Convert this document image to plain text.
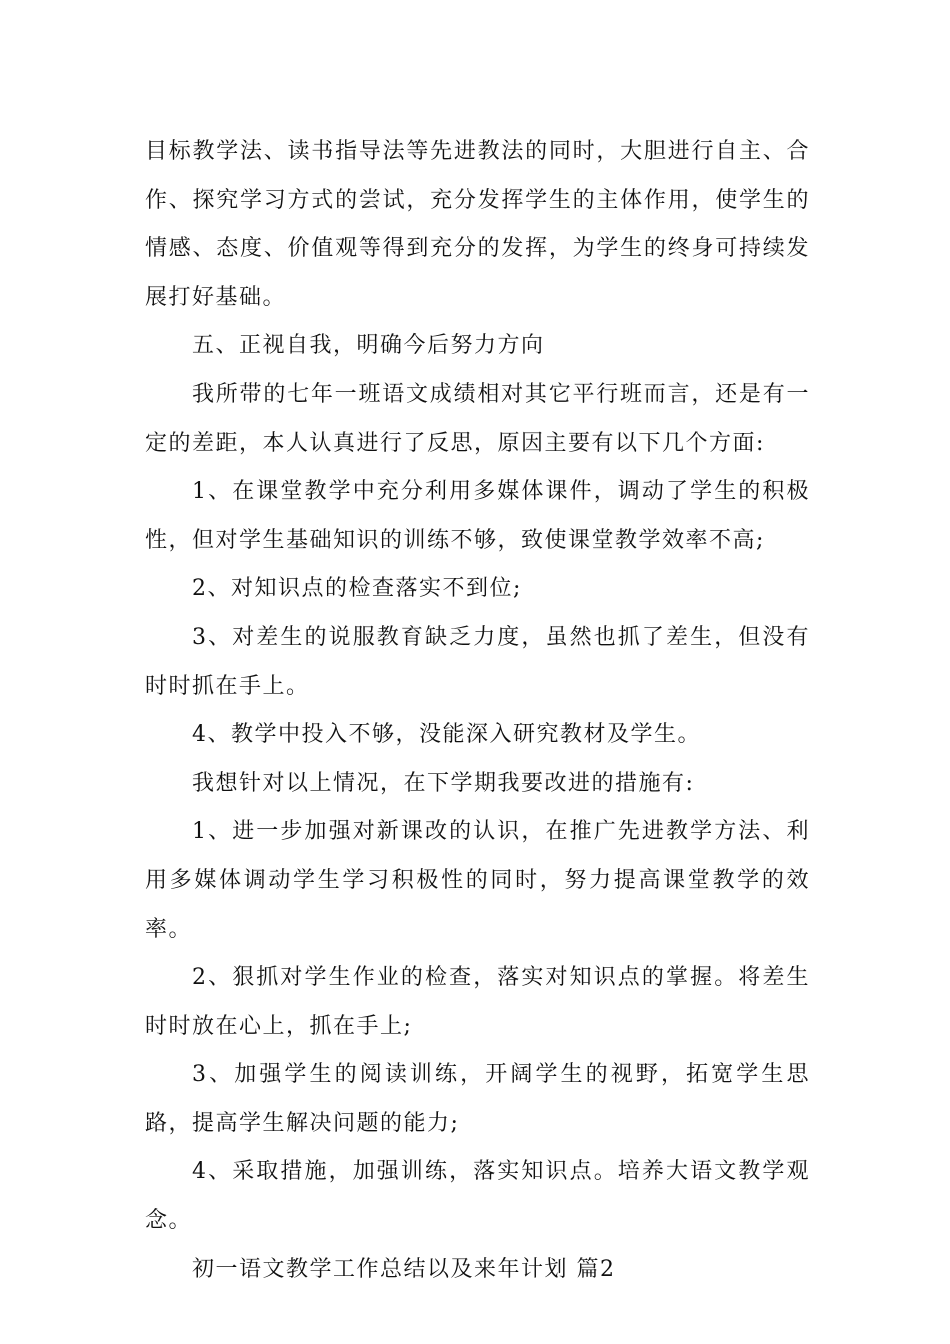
目标教学法、读书指导法等先进教法的同时，大胆进行自主、合作、探究学习方式的尝试，充分发挥学生的主体作用，使学生的情感、态度、价值观等得到充分的发挥，为学生的终身可持续发展打好基础。

五、正视自我，明确今后努力方向

我所带的七年一班语文成绩相对其它平行班而言，还是有一定的差距，本人认真进行了反思，原因主要有以下几个方面:

1、在课堂教学中充分利用多媒体课件，调动了学生的积极性，但对学生基础知识的训练不够，致使课堂教学效率不高;

2、对知识点的检查落实不到位;

3、对差生的说服教育缺乏力度，虽然也抓了差生，但没有时时抓在手上。

4、教学中投入不够，没能深入研究教材及学生。

我想针对以上情况，在下学期我要改进的措施有:

1、进一步加强对新课改的认识，在推广先进教学方法、利用多媒体调动学生学习积极性的同时，努力提高课堂教学的效率。

2、狠抓对学生作业的检查，落实对知识点的掌握。将差生时时放在心上，抓在手上;

3、加强学生的阅读训练，开阔学生的视野，拓宽学生思路，提高学生解决问题的能力;

4、采取措施，加强训练，落实知识点。培养大语文教学观念。

初一语文教学工作总结以及来年计划 篇2
